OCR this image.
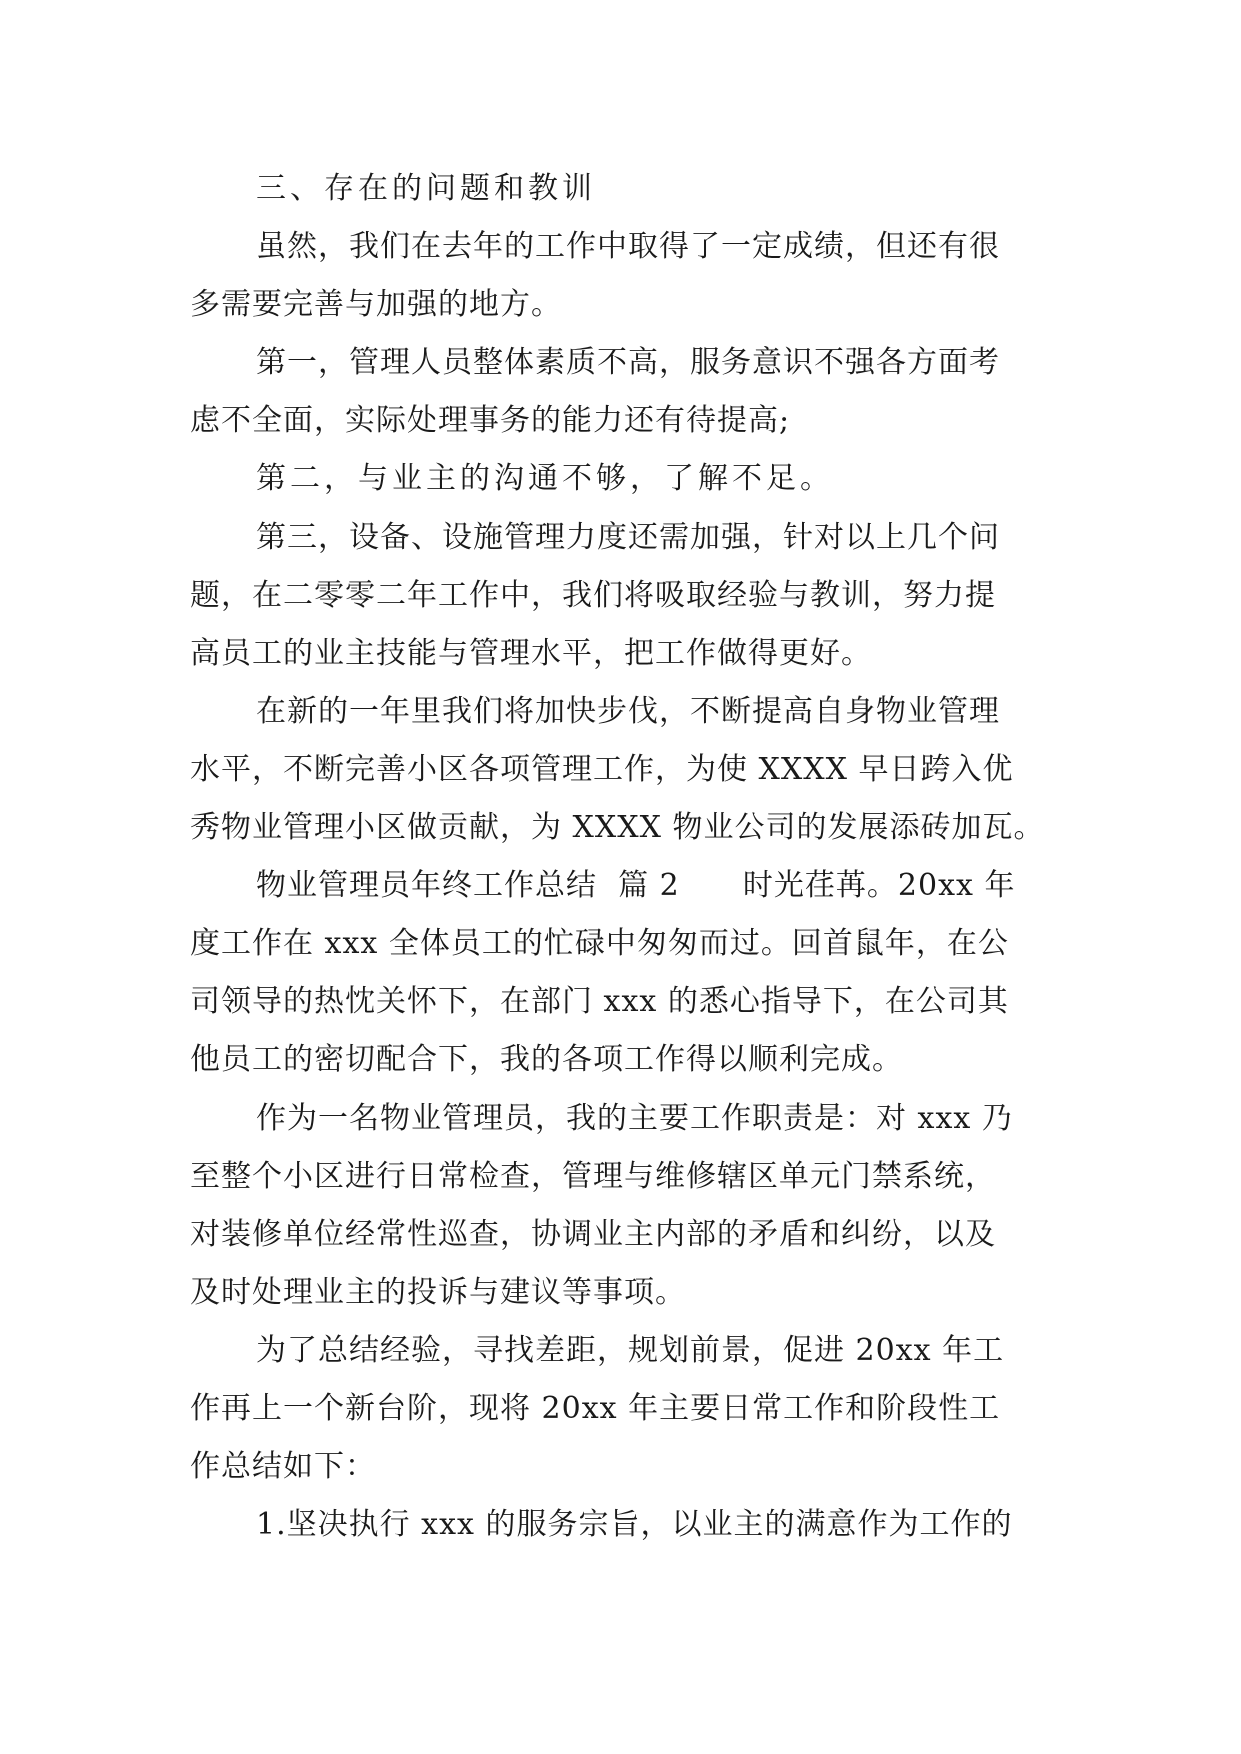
三、存在的问题和教训
虽然，我们在去年的工作中取得了一定成绩，但还有很
多需要完善与加强的地方。
第一，管理人员整体素质不高，服务意识不强各方面考
虑不全面，实际处理事务的能力还有待提高;
第二，与业主的沟通不够，了解不足。
第三，设备、设施管理力度还需加强，针对以上几个问
题，在二零零二年工作中，我们将吸取经验与教训，努力提
高员工的业主技能与管理水平，把工作做得更好。
在新的一年里我们将加快步伐，不断提高自身物业管理
水平，不断完善小区各项管理工作，为使 XXXX 早日跨入优
秀物业管理小区做贡献，为 XXXX 物业公司的发展添砖加瓦。
物业管理员年终工作总结  篇 2      时光荏苒。20xx 年
度工作在 xxx 全体员工的忙碌中匆匆而过。回首鼠年，在公
司领导的热忱关怀下，在部门 xxx 的悉心指导下，在公司其
他员工的密切配合下，我的各项工作得以顺利完成。
作为一名物业管理员，我的主要工作职责是：对 xxx 乃
至整个小区进行日常检查，管理与维修辖区单元门禁系统，
对装修单位经常性巡查，协调业主内部的矛盾和纠纷，以及
及时处理业主的投诉与建议等事项。
为了总结经验，寻找差距，规划前景，促进 20xx 年工
作再上一个新台阶，现将 20xx 年主要日常工作和阶段性工
作总结如下：
1.坚决执行 xxx 的服务宗旨，以业主的满意作为工作的
